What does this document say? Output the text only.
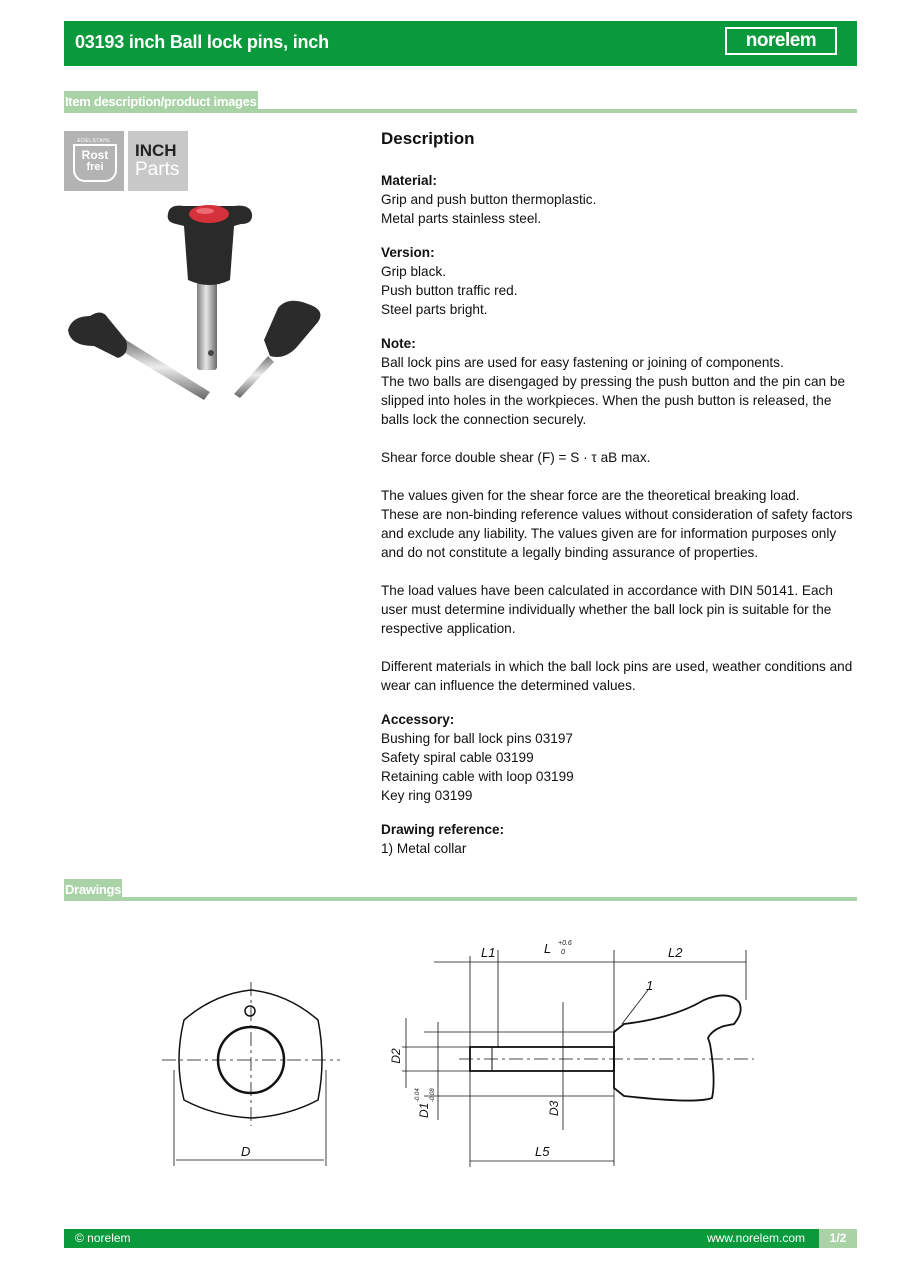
03193 inch Ball lock pins, inch	norelem
Item description/product images
EDELSTAHL
Rost
frei
INCH
Parts
Description
Material:
Grip and push button thermoplastic.
Metal parts stainless steel.
Version:
Grip black.
Push button traffic red.
Steel parts bright.
Note:
Ball lock pins are used for easy fastening or joining of components.
The two balls are disengaged by pressing the push button and the pin can be slipped into holes in the workpieces. When the push button is released, the balls lock the connection securely.
Shear force double shear (F) = S · τ aB max.
The values given for the shear force are the theoretical breaking load.
These are non-binding reference values without consideration of safety factors and exclude any liability. The values given are for information purposes only and do not constitute a legally binding assurance of properties.
The load values have been calculated in accordance with DIN 50141. Each user must determine individually whether the ball lock pin is suitable for the respective application.
Different materials in which the ball lock pins are used, weather conditions and wear can influence the determined values.
Accessory:
Bushing for ball lock pins 03197
Safety spiral cable 03199
Retaining cable with loop 03199
Key ring 03199
Drawing reference:
1) Metal collar
Drawings
D
L1	L +0.6
0	L2
1
D2
D1
-0.04 -0.08
D3
L5
© norelem	www.norelem.com	1/2
